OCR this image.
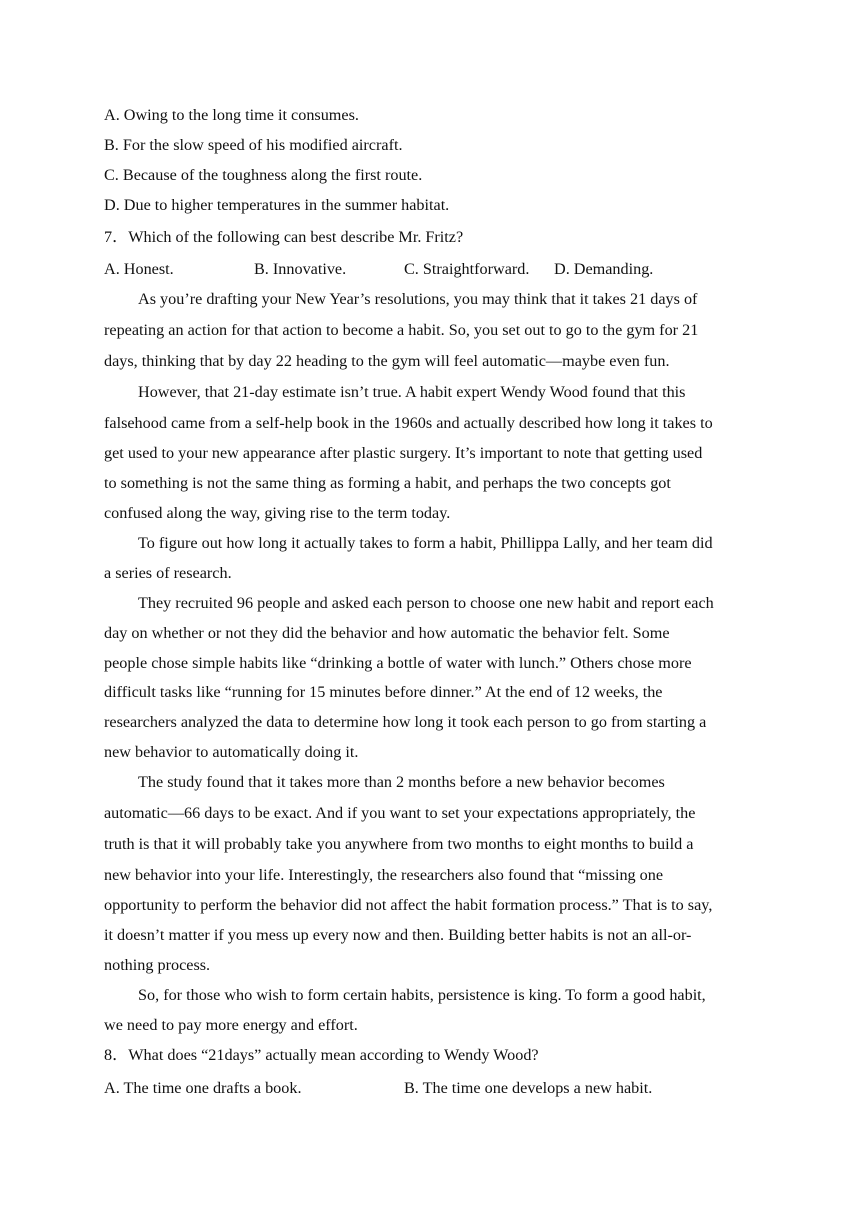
A. Owing to the long time it consumes.
B. For the slow speed of his modified aircraft.
C. Because of the toughness along the first route.
D. Due to higher temperatures in the summer habitat.
7．Which of the following can best describe Mr. Fritz?
A. Honest.	B. Innovative.	C. Straightforward. D. Demanding.
As you’re drafting your New Year’s resolutions, you may think that it takes 21 days of
repeating an action for that action to become a habit. So, you set out to go to the gym for 21
days, thinking that by day 22 heading to the gym will feel automatic—maybe even fun.
However, that 21-day estimate isn’t true. A habit expert Wendy Wood found that this
falsehood came from a self-help book in the 1960s and actually described how long it takes to
get used to your new appearance after plastic surgery. It’s important to note that getting used
to something is not the same thing as forming a habit, and perhaps the two concepts got
confused along the way, giving rise to the term today.
To figure out how long it actually takes to form a habit, Phillippa Lally, and her team did
a series of research.
They recruited 96 people and asked each person to choose one new habit and report each
day on whether or not they did the behavior and how automatic the behavior felt. Some
people chose simple habits like “drinking a bottle of water with lunch.” Others chose more
difficult tasks like “running for 15 minutes before dinner.” At the end of 12 weeks, the
researchers analyzed the data to determine how long it took each person to go from starting a
new behavior to automatically doing it.
The study found that it takes more than 2 months before a new behavior becomes
automatic—66 days to be exact. And if you want to set your expectations appropriately, the
truth is that it will probably take you anywhere from two months to eight months to build a
new behavior into your life. Interestingly, the researchers also found that “missing one
opportunity to perform the behavior did not affect the habit formation process.” That is to say,
it doesn’t matter if you mess up every now and then. Building better habits is not an all-or-
nothing process.
So, for those who wish to form certain habits, persistence is king. To form a good habit,
we need to pay more energy and effort.
8．What does “21days” actually mean according to Wendy Wood?
A. The time one drafts a book.	B. The time one develops a new habit.
